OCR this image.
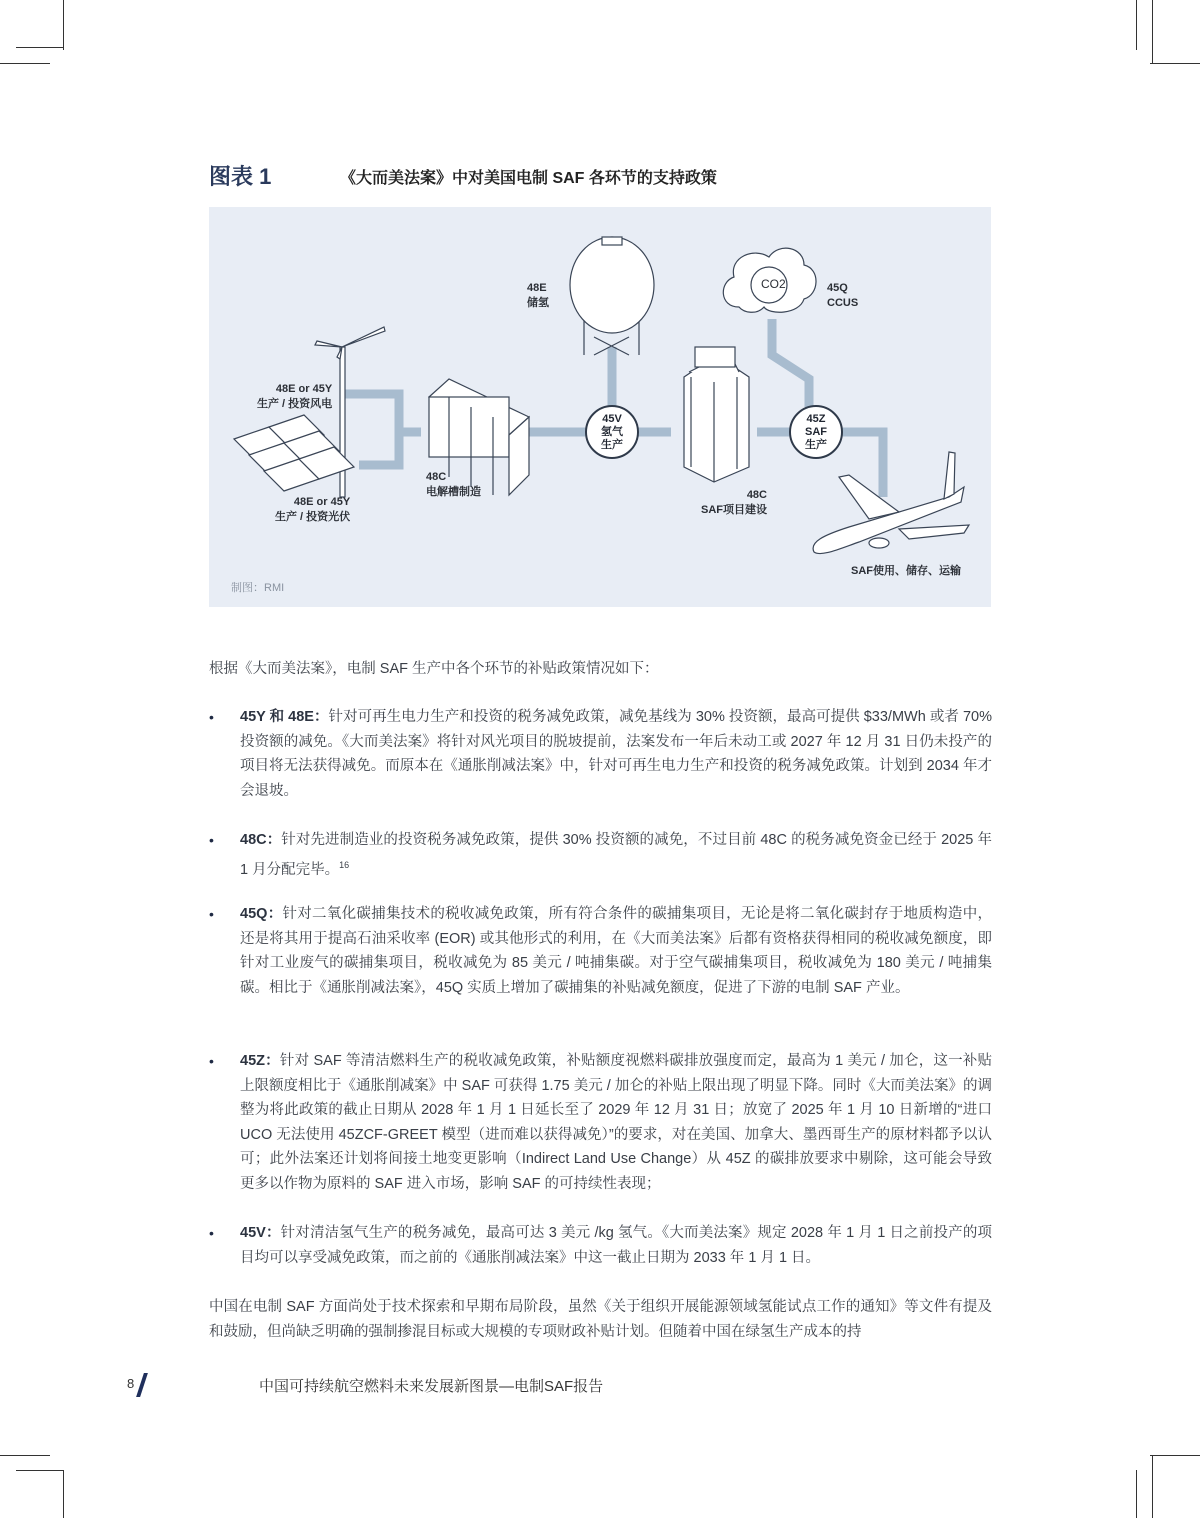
图表 1	《大而美法案》中对美国电制 SAF 各环节的支持政策
48E or 45Y
生产 / 投资风电
48E or 45Y
生产 / 投资光伏
48C
电解槽制造
48E
储氢
45Q
CCUS
CO2
48C
SAF项目建设
45V
氢气
生产
45Z
SAF
生产
SAF使用、储存、运输
制图：RMI
根据《大而美法案》，电制 SAF 生产中各个环节的补贴政策情况如下：
• 45Y 和 48E：针对可再生电力生产和投资的税务减免政策，减免基线为 30% 投资额，最高可提供 $33/MWh 或者 70% 投资额的减免。《大而美法案》将针对风光项目的脱坡提前，法案发布一年后未动工或 2027 年 12 月 31 日仍未投产的项目将无法获得减免。而原本在《通胀削减法案》中，针对可再生电力生产和投资的税务减免政策。计划到 2034 年才会退坡。
• 48C：针对先进制造业的投资税务减免政策，提供 30% 投资额的减免，不过目前 48C 的税务减免资金已经于 2025 年 1 月分配完毕。$^{16}$
• 45Q：针对二氧化碳捕集技术的税收减免政策，所有符合条件的碳捕集项目，无论是将二氧化碳封存于地质构造中，还是将其用于提高石油采收率 (EOR) 或其他形式的利用，在《大而美法案》后都有资格获得相同的税收减免额度，即针对工业废气的碳捕集项目，税收减免为 85 美元 / 吨捕集碳。对于空气碳捕集项目，税收减免为 180 美元 / 吨捕集碳。相比于《通胀削减法案》，45Q 实质上增加了碳捕集的补贴减免额度，促进了下游的电制 SAF 产业。
• 45Z：针对 SAF 等清洁燃料生产的税收减免政策，补贴额度视燃料碳排放强度而定，最高为 1 美元 / 加仑，这一补贴上限额度相比于《通胀削减案》中 SAF 可获得 1.75 美元 / 加仑的补贴上限出现了明显下降。同时《大而美法案》的调整为将此政策的截止日期从 2028 年 1 月 1 日延长至了 2029 年 12 月 31 日；放宽了 2025 年 1 月 10 日新增的“进口 UCO 无法使用 45ZCF-GREET 模型（进而难以获得减免）”的要求，对在美国、加拿大、墨西哥生产的原材料都予以认可；此外法案还计划将间接土地变更影响（Indirect Land Use Change）从 45Z 的碳排放要求中剔除，这可能会导致更多以作物为原料的 SAF 进入市场，影响 SAF 的可持续性表现；
• 45V：针对清洁氢气生产的税务减免，最高可达 3 美元 /kg 氢气。《大而美法案》规定 2028 年 1 月 1 日之前投产的项目均可以享受减免政策，而之前的《通胀削减法案》中这一截止日期为 2033 年 1 月 1 日。
中国在电制 SAF 方面尚处于技术探索和早期布局阶段，虽然《关于组织开展能源领域氢能试点工作的通知》等文件有提及和鼓励，但尚缺乏明确的强制掺混目标或大规模的专项财政补贴计划。但随着中国在绿氢生产成本的持
8	中国可持续航空燃料未来发展新图景—电制SAF报告
